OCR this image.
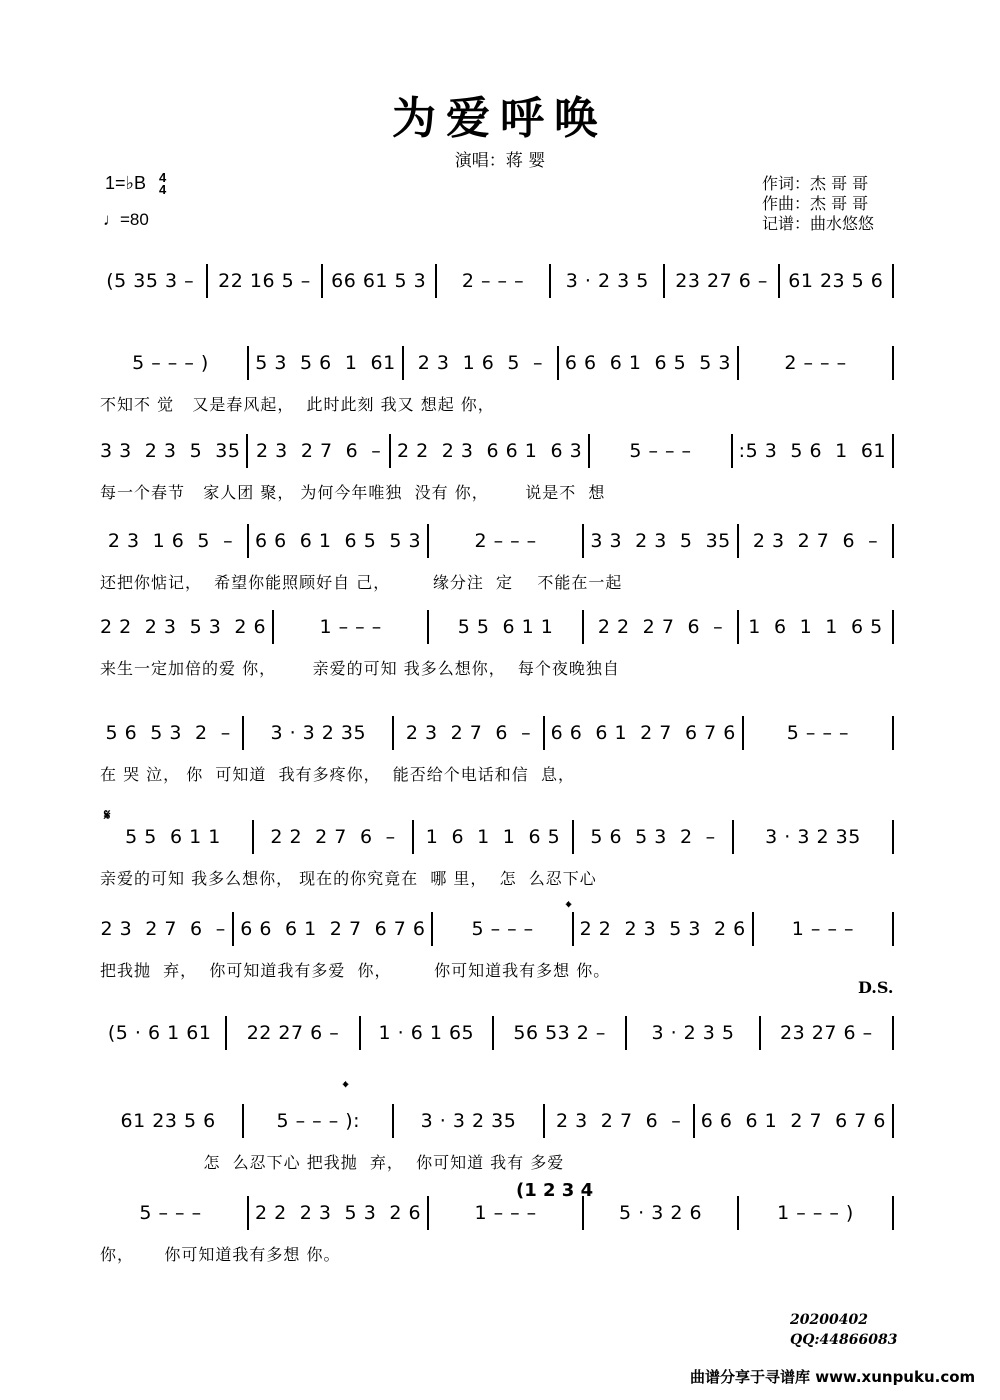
为爱呼唤
演唱：蒋 婴
1=♭B 4
4
♩=80
作词：杰 哥 哥
作曲：杰 哥 哥
记谱：曲水悠悠
(5 35 3 –	22 16 5 – 66 61 5 3	2 – – –	3 · 2 3 5	23 27 6 – 61 23 5 6
5 – – – )	5 3  5 6  1  61	2 3  1 6  5  –	6 6  6 1  6 5  5 3	2 – – –
不知不 觉   又是春风起，  此时此刻 我又 想起 你，
3 3  2 3  5  35 2 3  2 7  6  – 2 2  2 3  6 6 1  6 3	5 – – –	:5 3  5 6  1  61
每一个春节   家人团 聚， 为何今年唯独  没有 你，      说是不  想
2 3  1 6  5  –	6 6  6 1  6 5  5 3	2 – – –	3 3  2 3  5  35	2 3  2 7  6  –
还把你惦记，  希望你能照顾好自 己，       缘分注  定    不能在一起
2 2  2 3  5 3  2 6	1 – – –	5 5  6 1 1	2 2  2 7  6  –	1  6  1  1  6 5
来生一定加倍的爱 你，      亲爱的可知 我多么想你，  每个夜晚独自
5 6  5 3  2  –	3 · 3 2 35	2 3  2 7  6  – 6 6  6 1  2 7  6 7 6	5 – – –
在 哭 泣， 你  可知道  我有多疼你，  能否给个电话和信  息，
5 5  6 1 1	2 2  2 7  6  –	1  6  1  1  6 5	5 6  5 3  2  –	3 · 3 2 35
亲爱的可知 我多么想你， 现在的你究竟在  哪 里，  怎  么忍下心
2 3  2 7  6  – 6 6  6 1  2 7  6 7 6	5 – – –	2 2  2 3  5 3  2 6	1 – – –
把我抛  弃，  你可知道我有多爱  你，       你可知道我有多想 你。
(5 · 6 1 61	22 27 6 –	1 · 6 1 65	56 53 2 –	3 · 2 3 5	23 27 6 –
61 23 5 6	5 – – – ):	3 · 3 2 35	2 3  2 7  6  – 6 6  6 1  2 7  6 7 6
怎  么忍下心 把我抛  弃，  你可知道 我有 多爱
5 – – –	2 2  2 3  5 3  2 6	1 – – –	5 · 3 2 6	1 – – – )
你，     你可知道我有多想 你。
𝄋
𝄌
𝄌
D.S.
(1 2 3 4
20200402
QQ:44866083
曲谱分享于寻谱库 www.xunpuku.com
